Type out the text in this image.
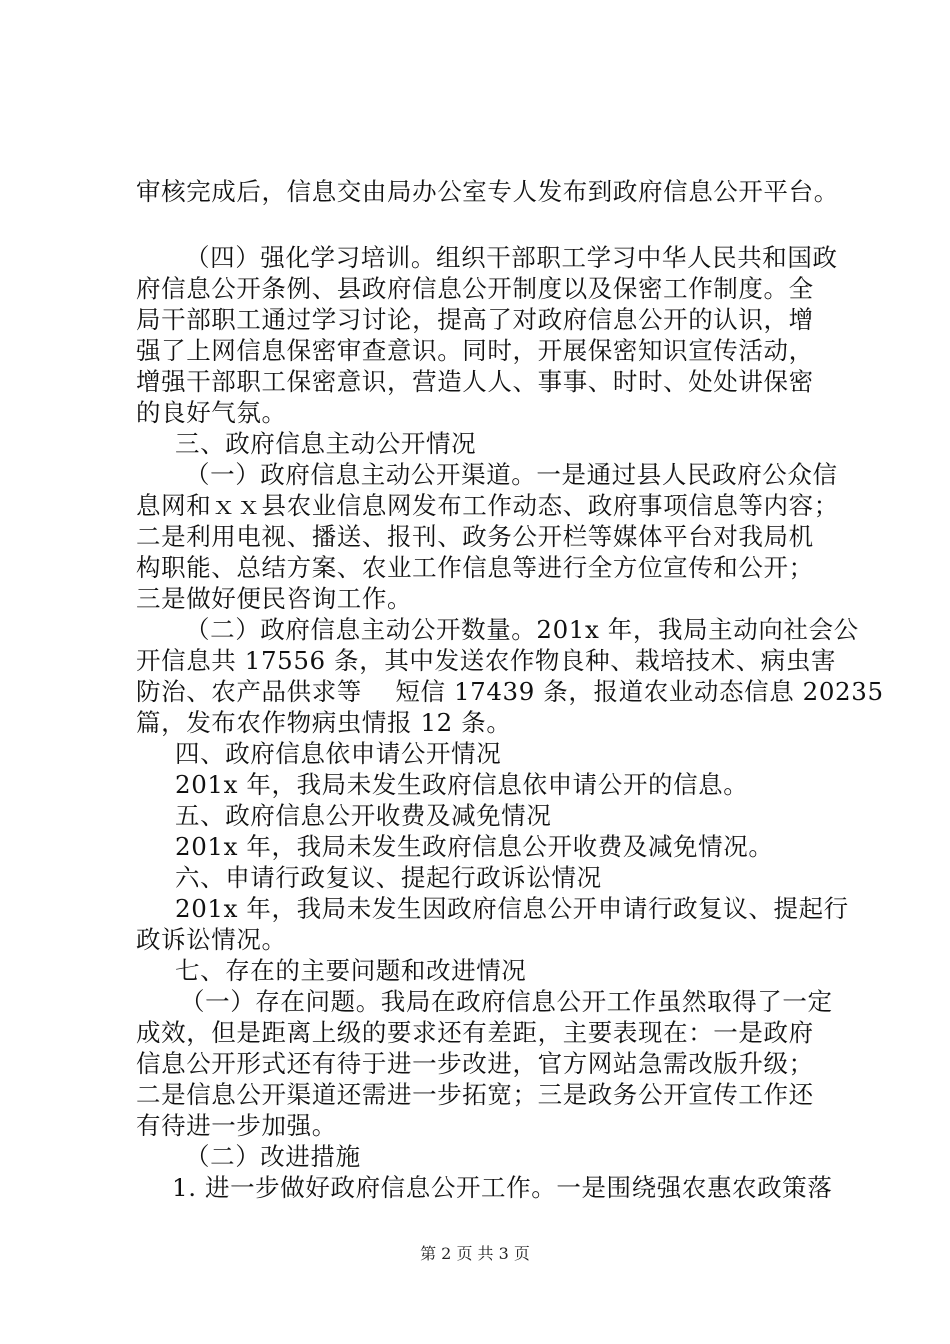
审核完成后，信息交由局办公室专人发布到政府信息公开平台。
（四）强化学习培训。组织干部职工学习中华人民共和国政
府信息公开条例、县政府信息公开制度以及保密工作制度。全
局干部职工通过学习讨论，提高了对政府信息公开的认识，增
强了上网信息保密审查意识。同时，开展保密知识宣传活动，
增强干部职工保密意识，营造人人、事事、时时、处处讲保密
的良好气氛。
三、政府信息主动公开情况
（一）政府信息主动公开渠道。一是通过县人民政府公众信
息网和ｘｘ县农业信息网发布工作动态、政府事项信息等内容；
二是利用电视、播送、报刊、政务公开栏等媒体平台对我局机
构职能、总结方案、农业工作信息等进行全方位宣传和公开；
三是做好便民咨询工作。
（二）政府信息主动公开数量。201x 年，我局主动向社会公
开信息共 17556 条，其中发送农作物良种、栽培技术、病虫害
防治、农产品供求等　 短信 17439 条，报道农业动态信息 20235
篇，发布农作物病虫情报 12 条。
四、政府信息依申请公开情况
201x 年，我局未发生政府信息依申请公开的信息。
五、政府信息公开收费及减免情况
201x 年，我局未发生政府信息公开收费及减免情况。
六、申请行政复议、提起行政诉讼情况
201x 年，我局未发生因政府信息公开申请行政复议、提起行
政诉讼情况。
七、存在的主要问题和改进情况
（一）存在问题。我局在政府信息公开工作虽然取得了一定
成效，但是距离上级的要求还有差距，主要表现在：一是政府
信息公开形式还有待于进一步改进，官方网站急需改版升级；
二是信息公开渠道还需进一步拓宽；三是政务公开宣传工作还
有待进一步加强。
（二）改进措施
1. 进一步做好政府信息公开工作。一是围绕强农惠农政策落
第 2 页 共 3 页
